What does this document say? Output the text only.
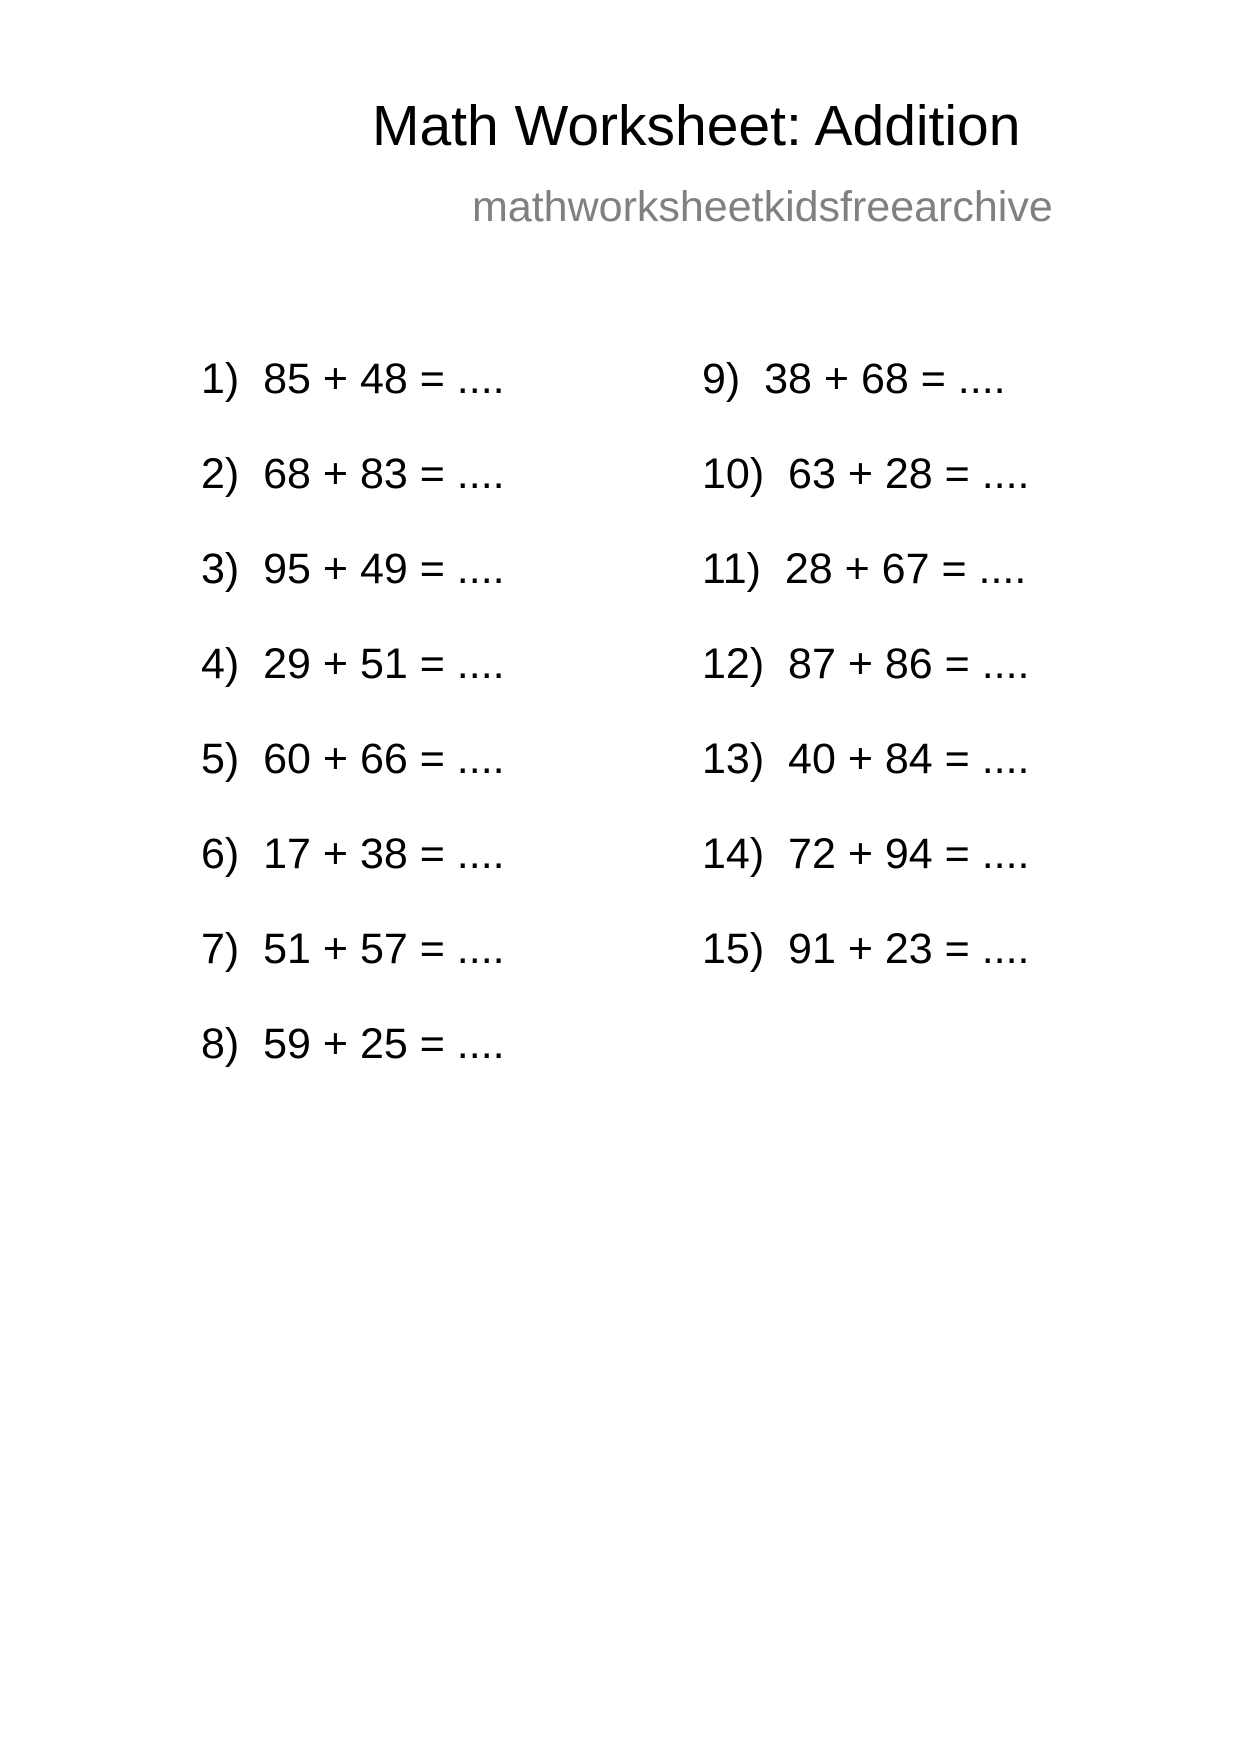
Math Worksheet: Addition
mathworksheetkidsfreearchive
1)  85 + 48 = ....
2)  68 + 83 = ....
3)  95 + 49 = ....
4)  29 + 51 = ....
5)  60 + 66 = ....
6)  17 + 38 = ....
7)  51 + 57 = ....
8)  59 + 25 = ....
9)  38 + 68 = ....
10)  63 + 28 = ....
11)  28 + 67 = ....
12)  87 + 86 = ....
13)  40 + 84 = ....
14)  72 + 94 = ....
15)  91 + 23 = ....
